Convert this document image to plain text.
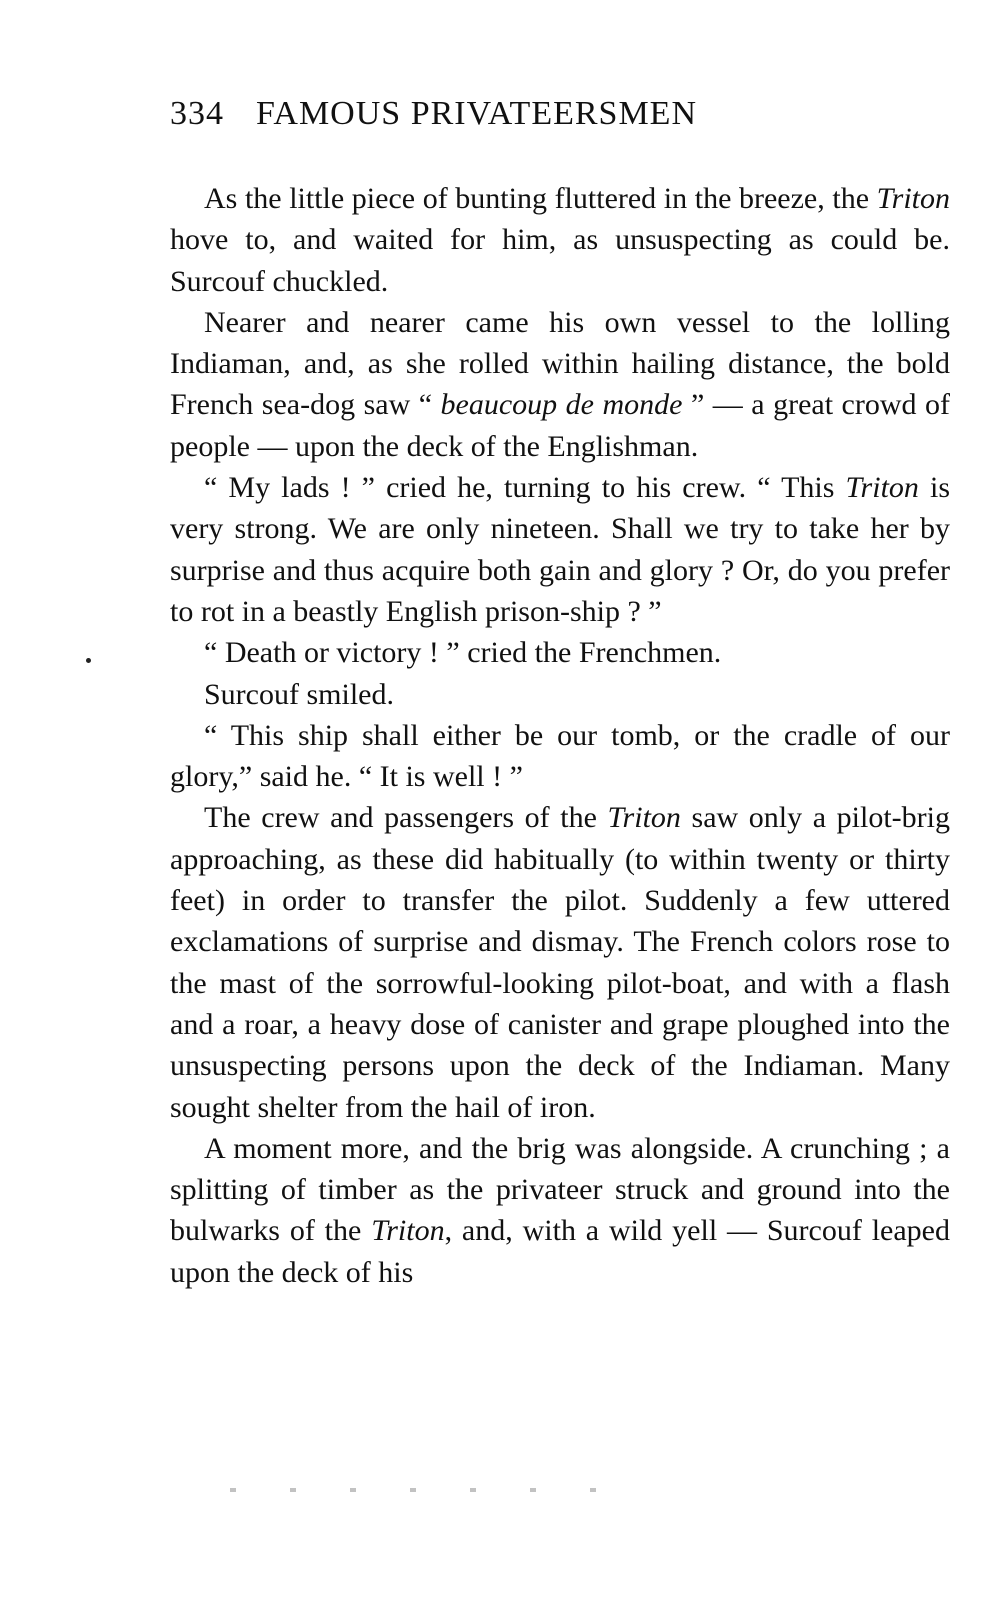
334 FAMOUS PRIVATEERSMEN

As the little piece of bunting fluttered in the breeze, the Triton hove to, and waited for him, as unsuspecting as could be. Surcouf chuckled.

Nearer and nearer came his own vessel to the lolling Indiaman, and, as she rolled within hailing distance, the bold French sea-dog saw “ beaucoup de monde ” — a great crowd of people — upon the deck of the Englishman.

“ My lads ! ” cried he, turning to his crew. “ This Triton is very strong. We are only nineteen. Shall we try to take her by surprise and thus acquire both gain and glory ? Or, do you prefer to rot in a beastly English prison-ship ? ”

“ Death or victory ! ” cried the Frenchmen.

Surcouf smiled.

“ This ship shall either be our tomb, or the cradle of our glory,” said he. “ It is well ! ”

The crew and passengers of the Triton saw only a pilot-brig approaching, as these did habitually (to within twenty or thirty feet) in order to transfer the pilot. Suddenly a few uttered exclamations of surprise and dismay. The French colors rose to the mast of the sorrowful-looking pilot-boat, and with a flash and a roar, a heavy dose of canister and grape ploughed into the unsuspecting persons upon the deck of the Indiaman. Many sought shelter from the hail of iron.

A moment more, and the brig was alongside. A crunching ; a splitting of timber as the privateer struck and ground into the bulwarks of the Triton, and, with a wild yell — Surcouf leaped upon the deck of his
